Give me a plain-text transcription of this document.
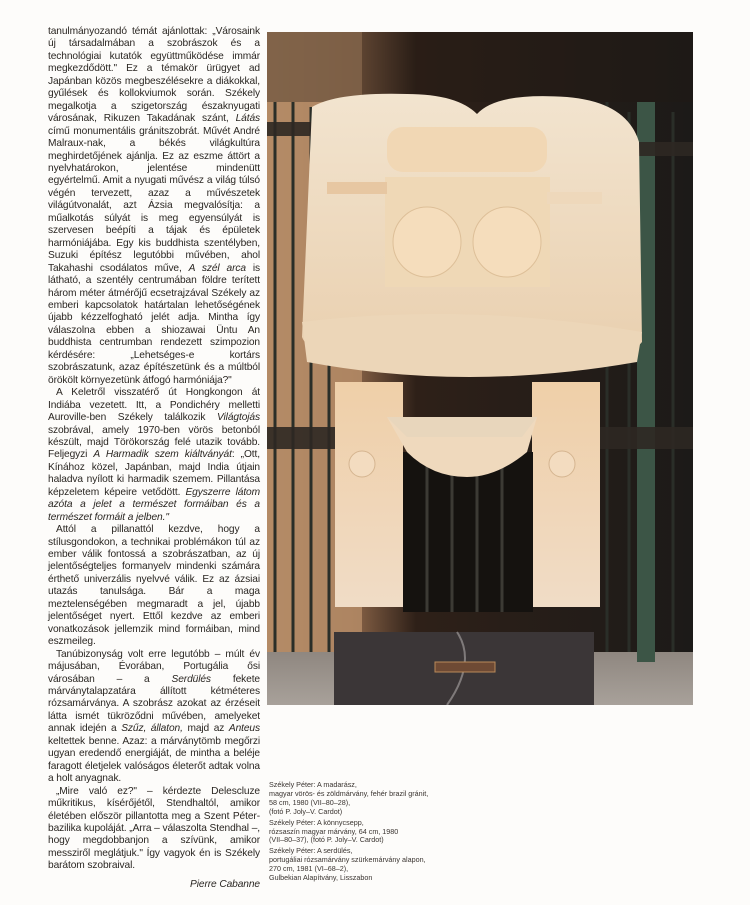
tanulmányozandó témát ajánlottak: „Városaink új társadalmában a szobrászok és a technológiai kutatók együttműködése immár megkezdődött." Ez a témakör ürügyet ad Japánban közös megbeszélésekre a diákokkal, gyűlések és kollokviumok során. Székely megalkotja a szigetország északnyugati városának, Rikuzen Takadának szánt, Látás című monumentális gránitszobrát. Művét André Malraux-nak, a békés világkultúra meghirdetőjének ajánlja. Ez az eszme áttört a nyelvhatárokon, jelentése mindenütt egyértelmű. Amit a nyugati művész a világ túlsó végén tervezett, azaz a művészetek világútvonalát, azt Ázsia megvalósítja: a műalkotás súlyát is meg egyensúlyát is szervesen beépíti a tájak és épületek harmóniájába. Egy kis buddhista szentélyben, Suzuki építész legutóbbi művében, ahol Takahashi csodálatos műve, A szél arca is látható, a szentély centrumában földre terített három méter átmérőjű ecsetrajzával Székely az emberi kapcsolatok határtalan lehetőségének újabb kézzelfogható jelét adja. Mintha így válaszolna ebben a shiozawai Üntu An buddhista centrumban rendezett szimpozion kérdésére: „Lehetséges-e kortárs szobrászatunk, azaz építészetünk és a múltból örökölt környezetünk átfogó harmóniája?"

A Keletről visszatérő út Hongkongon át Indiába vezetett. Itt, a Pondichéry melletti Auroville-ben Székely találkozik Világtojás szobrával, amely 1970-ben vörös betonból készült, majd Törökország felé utazik tovább. Feljegyzi A Harmadik szem kiáltványát: „Ott, Kínához közel, Japánban, majd India útjain haladva nyílott ki harmadik szemem. Pillantása képzeletem képeire vetődött. Egyszerre látom azóta a jelet a természet formáiban és a természet formáit a jelben."

Attól a pillanattól kezdve, hogy a stílusgondokon, a technikai problémákon túl az ember válik fontossá a szobrászatban, az új jelentőségteljes formanyelv mindenki számára érthető univerzális nyelvvé válik. Ez az ázsiai utazás tanulsága. Bár a maga meztelenségében megmaradt a jel, újabb jelentőséget nyert. Ettől kezdve az emberi vonatkozások jellemzik mind formáiban, mind eszmeileg.

Tanúbizonyság volt erre legutóbb – múlt év májusában, Évorában, Portugália ősi városában – a Serdülés fekete márványtalapzatára állított kétméteres rózsamárványa. A szobrász azokat az érzéseit látta ismét tükröződni művében, amelyeket annak idején a Szűz, állaton, majd az Anteus keltettek benne. Azaz: a márványtömb megőrzi ugyan eredendő energiáját, de mintha a beléje faragott életjelek valóságos életerőt adtak volna a holt anyagnak.

„Mire való ez?" – kérdezte Delescluze műkritikus, kísérőjétől, Stendhaltól, amikor életében először pillantotta meg a Szent Péter-bazilika kupoláját. „Arra – válaszolta Stendhal –, hogy megdobbanjon a szívünk, amikor messziről meglátjuk." Így vagyok én is Székely barátom szobraival.

Pierre Cabanne

Székely Péter: A madarász,
magyar vörös- és zöldmárvány, fehér brazil gránit,
58 cm, 1980 (VII–80–28),
(fotó P. Joly–V. Cardot)
Székely Péter: A könnycsepp,
rózsaszín magyar márvány, 64 cm, 1980
(VII–80–37), (fotó P. Joly–V. Cardot)
Székely Péter: A serdülés,
portugáliai rózsamárvány szürkemárvány alapon,
270 cm, 1981 (VI–68–2),
Gulbekian Alapítvány, Lisszabon
